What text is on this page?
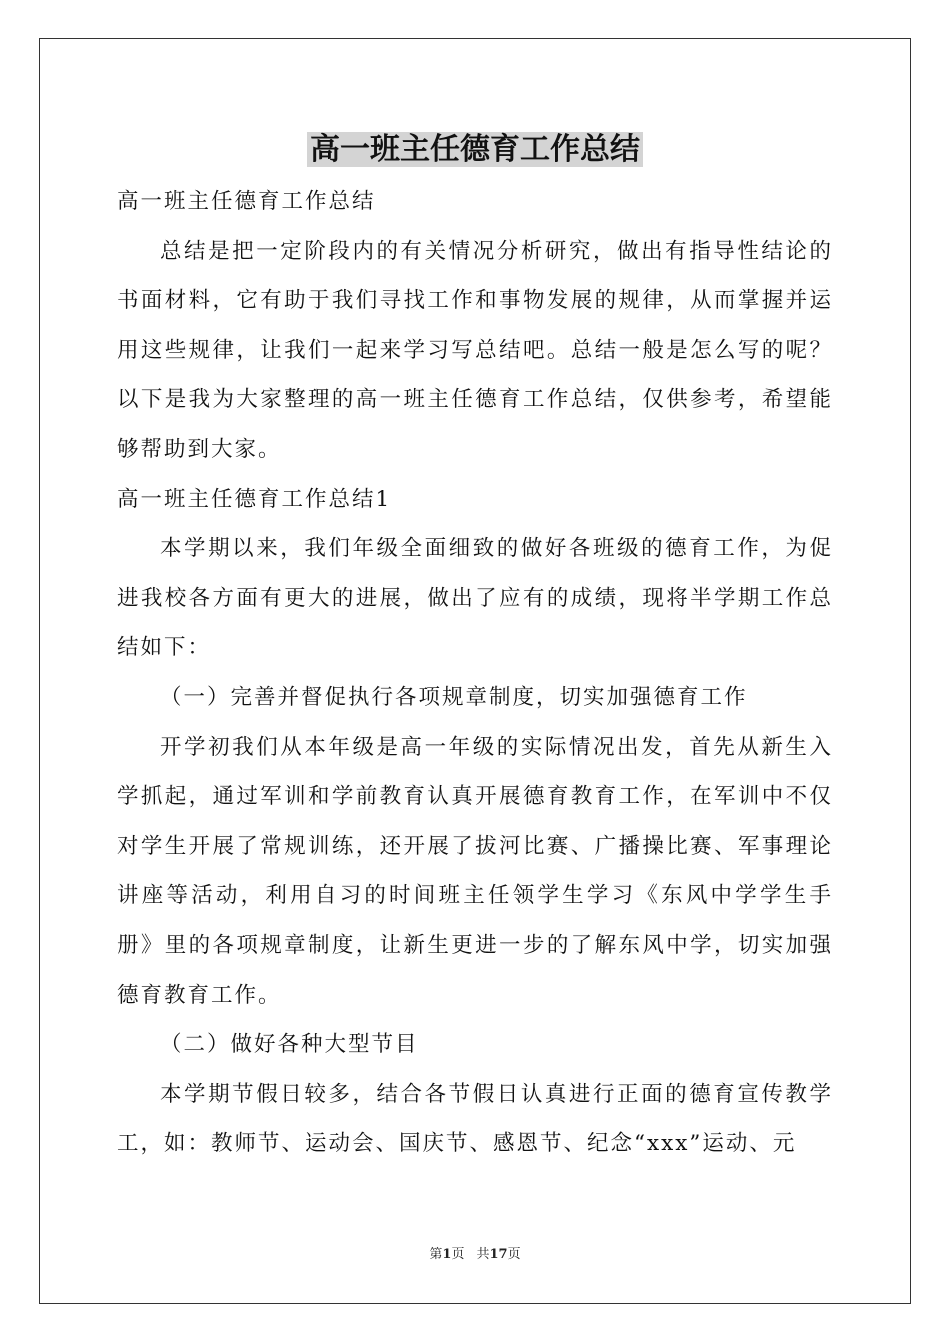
高一班主任德育工作总结

高一班主任德育工作总结

总结是把一定阶段内的有关情况分析研究，做出有指导性结论的书面材料，它有助于我们寻找工作和事物发展的规律，从而掌握并运用这些规律，让我们一起来学习写总结吧。总结一般是怎么写的呢？以下是我为大家整理的高一班主任德育工作总结，仅供参考，希望能够帮助到大家。

高一班主任德育工作总结1

本学期以来，我们年级全面细致的做好各班级的德育工作，为促进我校各方面有更大的进展，做出了应有的成绩，现将半学期工作总结如下：

（一）完善并督促执行各项规章制度，切实加强德育工作

开学初我们从本年级是高一年级的实际情况出发，首先从新生入学抓起，通过军训和学前教育认真开展德育教育工作，在军训中不仅对学生开展了常规训练，还开展了拔河比赛、广播操比赛、军事理论讲座等活动，利用自习的时间班主任领学生学习《东风中学学生手册》里的各项规章制度，让新生更进一步的了解东风中学，切实加强德育教育工作。

（二）做好各种大型节目

本学期节假日较多，结合各节假日认真进行正面的德育宣传教学工，如：教师节、运动会、国庆节、感恩节、纪念“xxx”运动、元

第1页 共17页
